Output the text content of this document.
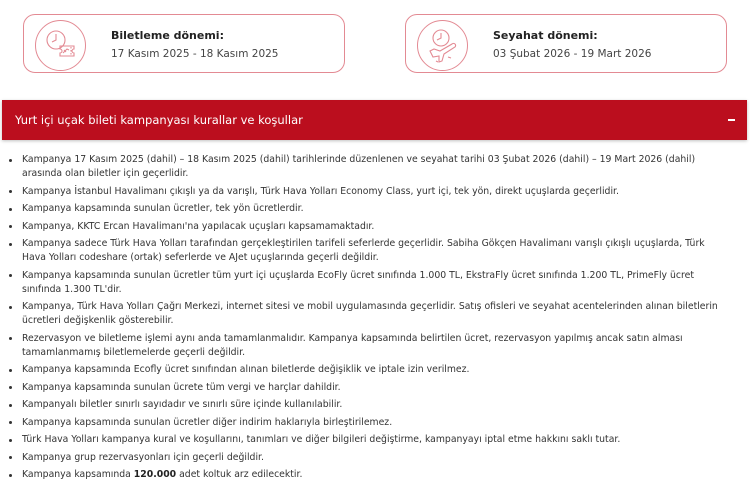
Biletleme dönemi:
17 Kasım 2025 - 18 Kasım 2025
Seyahat dönemi:
03 Şubat 2026 - 19 Mart 2026
Yurt içi uçak bileti kampanyası kurallar ve koşullar
Kampanya 17 Kasım 2025 (dahil) – 18 Kasım 2025 (dahil) tarihlerinde düzenlenen ve seyahat tarihi 03 Şubat 2026 (dahil) – 19 Mart 2026 (dahil) arasında olan biletler için geçerlidir.
Kampanya İstanbul Havalimanı çıkışlı ya da varışlı, Türk Hava Yolları Economy Class, yurt içi, tek yön, direkt uçuşlarda geçerlidir.
Kampanya kapsamında sunulan ücretler, tek yön ücretlerdir.
Kampanya, KKTC Ercan Havalimanı'na yapılacak uçuşları kapsamamaktadır.
Kampanya sadece Türk Hava Yolları tarafından gerçekleştirilen tarifeli seferlerde geçerlidir. Sabiha Gökçen Havalimanı varışlı çıkışlı uçuşlarda, Türk Hava Yolları codeshare (ortak) seferlerde ve AJet uçuşlarında geçerli değildir.
Kampanya kapsamında sunulan ücretler tüm yurt içi uçuşlarda EcoFly ücret sınıfında 1.000 TL, EkstraFly ücret sınıfında 1.200 TL, PrimeFly ücret sınıfında 1.300 TL'dir.
Kampanya, Türk Hava Yolları Çağrı Merkezi, internet sitesi ve mobil uygulamasında geçerlidir. Satış ofisleri ve seyahat acentelerinden alınan biletlerin ücretleri değişkenlik gösterebilir.
Rezervasyon ve biletleme işlemi aynı anda tamamlanmalıdır. Kampanya kapsamında belirtilen ücret, rezervasyon yapılmış ancak satın alması tamamlanmamış biletlemelerde geçerli değildir.
Kampanya kapsamında Ecofly ücret sınıfından alınan biletlerde değişiklik ve iptale izin verilmez.
Kampanya kapsamında sunulan ücrete tüm vergi ve harçlar dahildir.
Kampanyalı biletler sınırlı sayıdadır ve sınırlı süre içinde kullanılabilir.
Kampanya kapsamında sunulan ücretler diğer indirim haklarıyla birleştirilemez.
Türk Hava Yolları kampanya kural ve koşullarını, tanımları ve diğer bilgileri değiştirme, kampanyayı iptal etme hakkını saklı tutar.
Kampanya grup rezervasyonları için geçerli değildir.
Kampanya kapsamında 120.000 adet koltuk arz edilecektir.
